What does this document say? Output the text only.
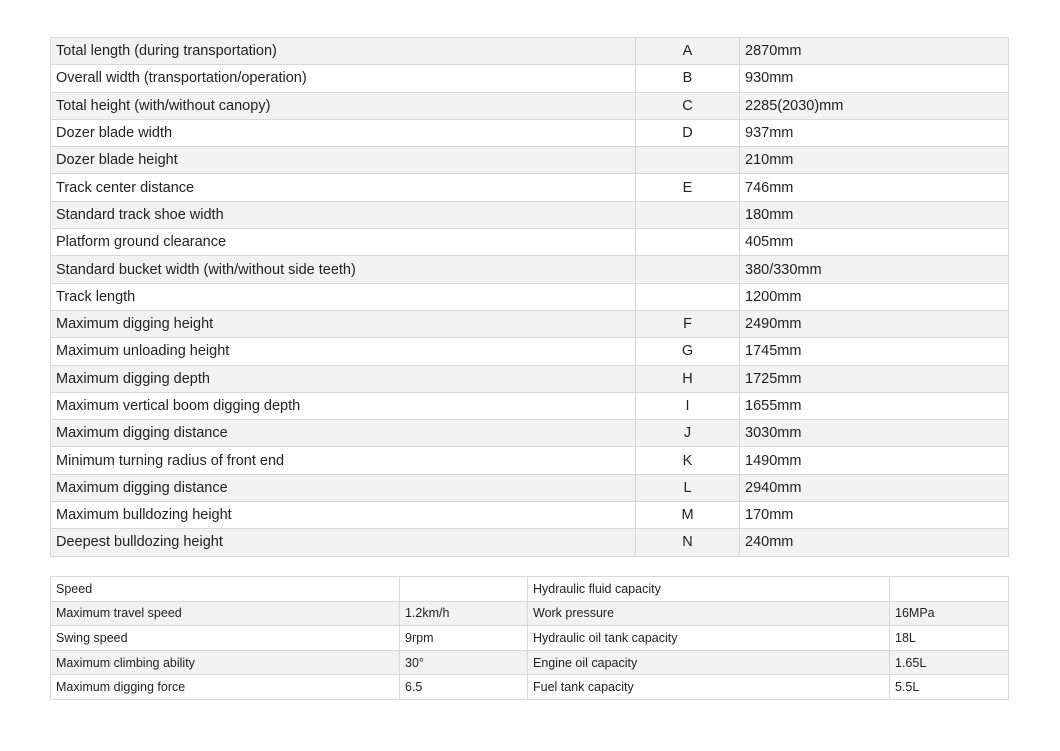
Total length (during transportation)	A	2870mm
Overall width (transportation/operation)	B	930mm
Total height (with/without canopy)	C	2285(2030)mm
Dozer blade width	D	937mm
Dozer blade height		210mm
Track center distance	E	746mm
Standard track shoe width		180mm
Platform ground clearance		405mm
Standard bucket width (with/without side teeth)		380/330mm
Track length		1200mm
Maximum digging height	F	2490mm
Maximum unloading height	G	1745mm
Maximum digging depth	H	1725mm
Maximum vertical boom digging depth	I	1655mm
Maximum digging distance	J	3030mm
Minimum turning radius of front end	K	1490mm
Maximum digging distance	L	2940mm
Maximum bulldozing height	M	170mm
Deepest bulldozing height	N	240mm
Speed		Hydraulic fluid capacity	
Maximum travel speed	1.2km/h	Work pressure	16MPa
Swing speed	9rpm	Hydraulic oil tank capacity	18L
Maximum climbing ability	30°	Engine oil capacity	1.65L
Maximum digging force	6.5	Fuel tank capacity	5.5L
